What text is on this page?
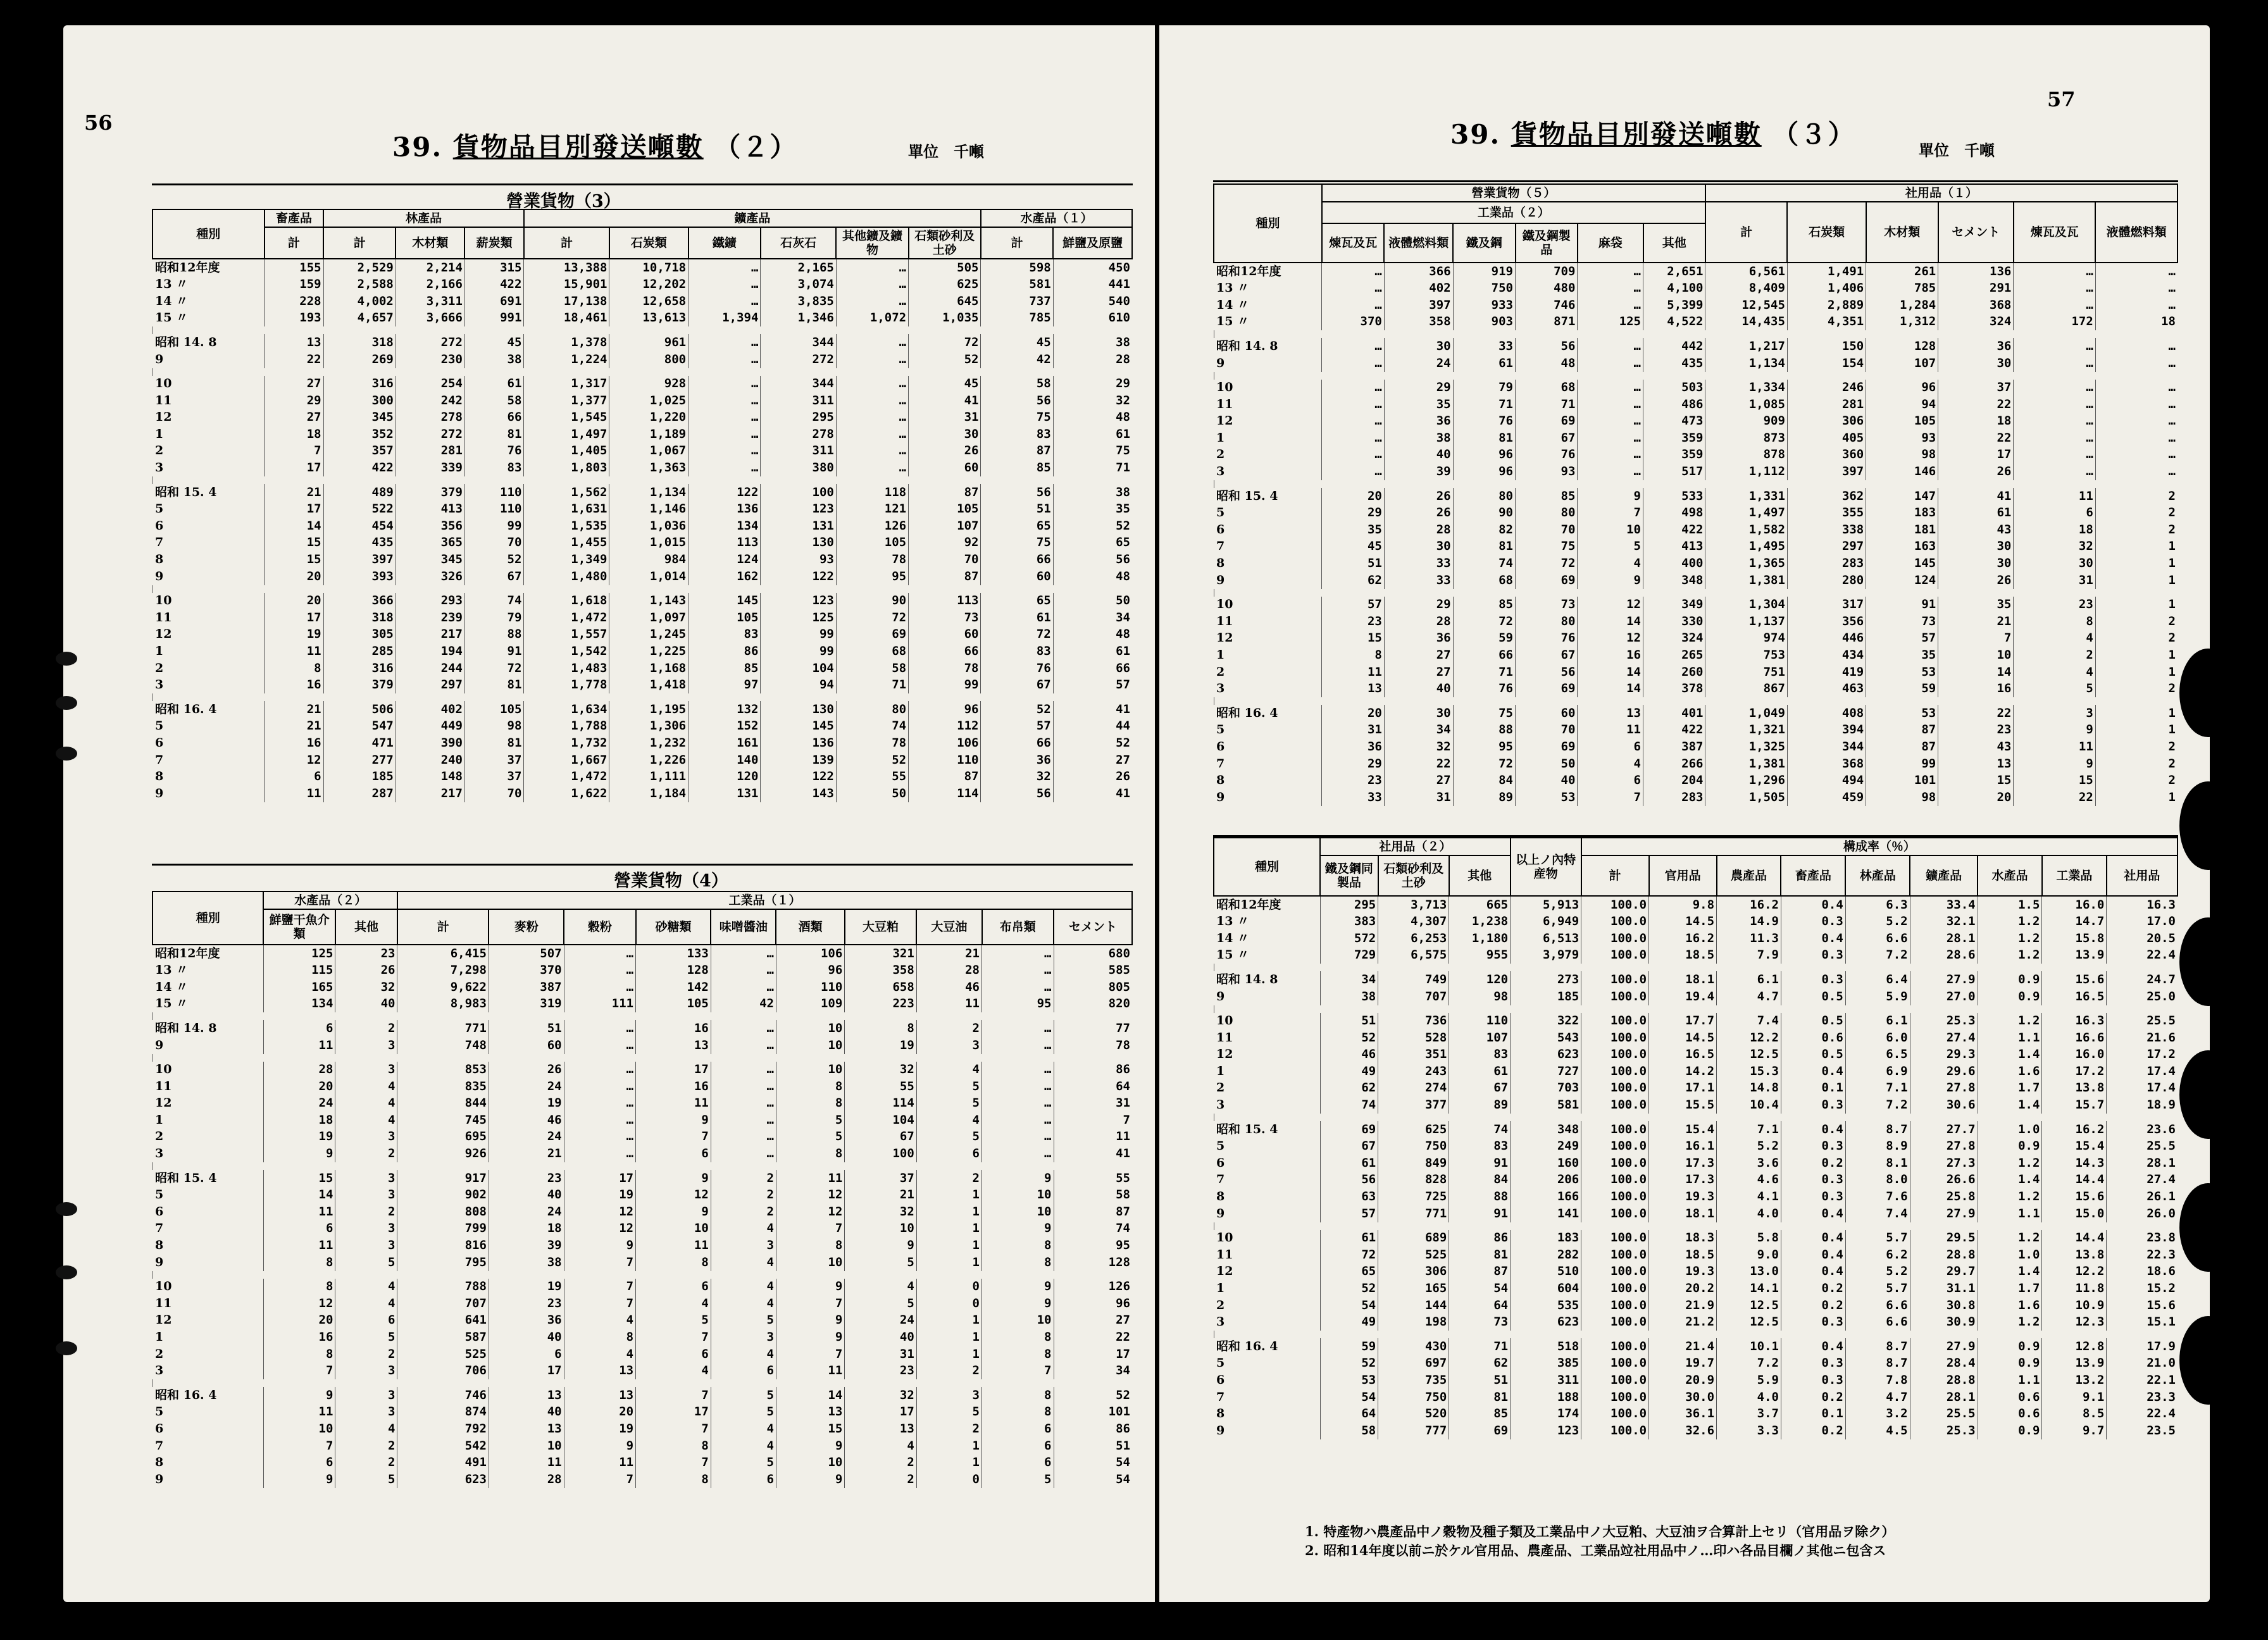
56
39. 貨物品目別發送噸數 （２）	單位　千噸
營業貨物（3）
種別	畜產品	林產品			鑛產品						水產品（１）	
	計	計	木材類	薪炭類	計	石炭類	鐵鑛	石灰石	其他鑛及鑛物	石類砂利及土砂	計	鮮鹽及原鹽
昭和12年度	155	2,529	2,214	315	13,388	10,718	…	2,165	…	505	598	450
13 〃	159	2,588	2,166	422	15,901	12,202	…	3,074	…	625	581	441
14 〃	228	4,002	3,311	691	17,138	12,658	…	3,835	…	645	737	540
15 〃	193	4,657	3,666	991	18,461	13,613	1,394	1,346	1,072	1,035	785	610

昭和 14. 8	13	318	272	45	1,378	961	…	344	…	72	45	38
9	22	269	230	38	1,224	800	…	272	…	52	42	28

10	27	316	254	61	1,317	928	…	344	…	45	58	29
11	29	300	242	58	1,377	1,025	…	311	…	41	56	32
12	27	345	278	66	1,545	1,220	…	295	…	31	75	48
1	18	352	272	81	1,497	1,189	…	278	…	30	83	61
2	7	357	281	76	1,405	1,067	…	311	…	26	87	75
3	17	422	339	83	1,803	1,363	…	380	…	60	85	71

昭和 15. 4	21	489	379	110	1,562	1,134	122	100	118	87	56	38
5	17	522	413	110	1,631	1,146	136	123	121	105	51	35
6	14	454	356	99	1,535	1,036	134	131	126	107	65	52
7	15	435	365	70	1,455	1,015	113	130	105	92	75	65
8	15	397	345	52	1,349	984	124	93	78	70	66	56
9	20	393	326	67	1,480	1,014	162	122	95	87	60	48

10	20	366	293	74	1,618	1,143	145	123	90	113	65	50
11	17	318	239	79	1,472	1,097	105	125	72	73	61	34
12	19	305	217	88	1,557	1,245	83	99	69	60	72	48
1	11	285	194	91	1,542	1,225	86	99	68	66	83	61
2	8	316	244	72	1,483	1,168	85	104	58	78	76	66
3	16	379	297	81	1,778	1,418	97	94	71	99	67	57

昭和 16. 4	21	506	402	105	1,634	1,195	132	130	80	96	52	41
5	21	547	449	98	1,788	1,306	152	145	74	112	57	44
6	16	471	390	81	1,732	1,232	161	136	78	106	66	52
7	12	277	240	37	1,667	1,226	140	139	52	110	36	27
8	6	185	148	37	1,472	1,111	120	122	55	87	32	26
9	11	287	217	70	1,622	1,184	131	143	50	114	56	41
營業貨物（4）
種別	水產品（２）		工業品（１）									
	鮮鹽干魚介類	其他	計	麥粉	穀粉	砂糖類	味噌醬油	酒類	大豆粕	大豆油	布帛類	セメント
昭和12年度	125	23	6,415	507	…	133	…	106	321	21	…	680
13 〃	115	26	7,298	370	…	128	…	96	358	28	…	585
14 〃	165	32	9,622	387	…	142	…	110	658	46	…	805
15 〃	134	40	8,983	319	111	105	42	109	223	11	95	820

昭和 14. 8	6	2	771	51	…	16	…	10	8	2	…	77
9	11	3	748	60	…	13	…	10	19	3	…	78

10	28	3	853	26	…	17	…	10	32	4	…	86
11	20	4	835	24	…	16	…	8	55	5	…	64
12	24	4	844	19	…	11	…	8	114	5	…	31
1	18	4	745	46	…	9	…	5	104	4	…	7
2	19	3	695	24	…	7	…	5	67	5	…	11
3	9	2	926	21	…	6	…	8	100	6	…	41

昭和 15. 4	15	3	917	23	17	9	2	11	37	2	9	55
5	14	3	902	40	19	12	2	12	21	1	10	58
6	11	2	808	24	12	9	2	12	32	1	10	87
7	6	3	799	18	12	10	4	7	10	1	9	74
8	11	3	816	39	9	11	3	8	9	1	8	95
9	8	5	795	38	7	8	4	10	5	1	8	128

10	8	4	788	19	7	6	4	9	4	0	9	126
11	12	4	707	23	7	4	4	7	5	0	9	96
12	20	6	641	36	4	5	5	9	24	1	10	27
1	16	5	587	40	8	7	3	9	40	1	8	22
2	8	2	525	6	4	6	4	7	31	1	8	17
3	7	3	706	17	13	4	6	11	23	2	7	34

昭和 16. 4	9	3	746	13	13	7	5	14	32	3	8	52
5	11	3	874	40	20	17	5	13	17	5	8	101
6	10	4	792	13	19	7	4	15	13	2	6	86
7	7	2	542	10	9	8	4	9	4	1	6	51
8	6	2	491	11	11	7	5	10	2	1	6	54
9	9	5	623	28	7	8	6	9	2	0	5	54
57
39. 貨物品目別發送噸數 （３）
單位　千噸
種別	營業貨物（５）						社用品（１）					
	工業品（２）						計	石炭類	木材類	セメント	煉瓦及瓦	液體燃料類
	煉瓦及瓦	液體燃料類	鐵及鋼	鐵及鋼製品	麻袋	其他						
昭和12年度	…	366	919	709	…	2,651	6,561	1,491	261	136	…	…
13 〃	…	402	750	480	…	4,100	8,409	1,406	785	291	…	…
14 〃	…	397	933	746	…	5,399	12,545	2,889	1,284	368	…	…
15 〃	370	358	903	871	125	4,522	14,435	4,351	1,312	324	172	18

昭和 14. 8	…	30	33	56	…	442	1,217	150	128	36	…	…
9	…	24	61	48	…	435	1,134	154	107	30	…	…

10	…	29	79	68	…	503	1,334	246	96	37	…	…
11	…	35	71	71	…	486	1,085	281	94	22	…	…
12	…	36	76	69	…	473	909	306	105	18	…	…
1	…	38	81	67	…	359	873	405	93	22	…	…
2	…	40	96	76	…	359	878	360	98	17	…	…
3	…	39	96	93	…	517	1,112	397	146	26	…	…

昭和 15. 4	20	26	80	85	9	533	1,331	362	147	41	11	2
5	29	26	90	80	7	498	1,497	355	183	61	6	2
6	35	28	82	70	10	422	1,582	338	181	43	18	2
7	45	30	81	75	5	413	1,495	297	163	30	32	1
8	51	33	74	72	4	400	1,365	283	145	30	30	1
9	62	33	68	69	9	348	1,381	280	124	26	31	1

10	57	29	85	73	12	349	1,304	317	91	35	23	1
11	23	28	72	80	14	330	1,137	356	73	21	8	2
12	15	36	59	76	12	324	974	446	57	7	4	2
1	8	27	66	67	16	265	753	434	35	10	2	1
2	11	27	71	56	14	260	751	419	53	14	4	1
3	13	40	76	69	14	378	867	463	59	16	5	2

昭和 16. 4	20	30	75	60	13	401	1,049	408	53	22	3	1
5	31	34	88	70	11	422	1,321	394	87	23	9	1
6	36	32	95	69	6	387	1,325	344	87	43	11	2
7	29	22	72	50	4	266	1,381	368	99	13	9	2
8	23	27	84	40	6	204	1,296	494	101	15	15	2
9	33	31	89	53	7	283	1,505	459	98	20	22	1
種別	社用品（２）			以上ノ內特産物	構成率（％）								
	鐵及鋼同製品	石類砂利及土砂	其他		計	官用品	農產品	畜產品	林產品	鑛產品	水產品	工業品	社用品
昭和12年度	295	3,713	665	5,913	100.0	9.8	16.2	0.4	6.3	33.4	1.5	16.0	16.3
13 〃	383	4,307	1,238	6,949	100.0	14.5	14.9	0.3	5.2	32.1	1.2	14.7	17.0
14 〃	572	6,253	1,180	6,513	100.0	16.2	11.3	0.4	6.6	28.1	1.2	15.8	20.5
15 〃	729	6,575	955	3,979	100.0	18.5	7.9	0.3	7.2	28.6	1.2	13.9	22.4

昭和 14. 8	34	749	120	273	100.0	18.1	6.1	0.3	6.4	27.9	0.9	15.6	24.7
9	38	707	98	185	100.0	19.4	4.7	0.5	5.9	27.0	0.9	16.5	25.0

10	51	736	110	322	100.0	17.7	7.4	0.5	6.1	25.3	1.2	16.3	25.5
11	52	528	107	543	100.0	14.5	12.2	0.6	6.0	27.4	1.1	16.6	21.6
12	46	351	83	623	100.0	16.5	12.5	0.5	6.5	29.3	1.4	16.0	17.2
1	49	243	61	727	100.0	14.2	15.3	0.4	6.9	29.6	1.6	17.2	17.4
2	62	274	67	703	100.0	17.1	14.8	0.1	7.1	27.8	1.7	13.8	17.4
3	74	377	89	581	100.0	15.5	10.4	0.3	7.2	30.6	1.4	15.7	18.9

昭和 15. 4	69	625	74	348	100.0	15.4	7.1	0.4	8.7	27.7	1.0	16.2	23.6
5	67	750	83	249	100.0	16.1	5.2	0.3	8.9	27.8	0.9	15.4	25.5
6	61	849	91	160	100.0	17.3	3.6	0.2	8.1	27.3	1.2	14.3	28.1
7	56	828	84	206	100.0	17.3	4.6	0.3	8.0	26.6	1.4	14.4	27.4
8	63	725	88	166	100.0	19.3	4.1	0.3	7.6	25.8	1.2	15.6	26.1
9	57	771	91	141	100.0	18.1	4.0	0.4	7.4	27.9	1.1	15.0	26.0

10	61	689	86	183	100.0	18.3	5.8	0.4	5.7	29.5	1.2	14.4	23.8
11	72	525	81	282	100.0	18.5	9.0	0.4	6.2	28.8	1.0	13.8	22.3
12	65	306	87	510	100.0	19.3	13.0	0.4	5.2	29.7	1.4	12.2	18.6
1	52	165	54	604	100.0	20.2	14.1	0.2	5.7	31.1	1.7	11.8	15.2
2	54	144	64	535	100.0	21.9	12.5	0.2	6.6	30.8	1.6	10.9	15.6
3	49	198	73	623	100.0	21.2	12.5	0.3	6.6	30.9	1.2	12.3	15.1

昭和 16. 4	59	430	71	518	100.0	21.4	10.1	0.4	8.7	27.9	0.9	12.8	17.9
5	52	697	62	385	100.0	19.7	7.2	0.3	8.7	28.4	0.9	13.9	21.0
6	53	735	51	311	100.0	20.9	5.9	0.3	7.8	28.8	1.1	13.2	22.1
7	54	750	81	188	100.0	30.0	4.0	0.2	4.7	28.1	0.6	9.1	23.3
8	64	520	85	174	100.0	36.1	3.7	0.1	3.2	25.5	0.6	8.5	22.4
9	58	777	69	123	100.0	32.6	3.3	0.2	4.5	25.3	0.9	9.7	23.5
1. 特產物ハ農產品中ノ穀物及種子類及工業品中ノ大豆粕、大豆油ヲ合算計上セリ（官用品ヲ除ク）
2. 昭和14年度以前ニ於ケル官用品、農產品、工業品竝社用品中ノ…印ハ各品目欄ノ其他ニ包含ス
